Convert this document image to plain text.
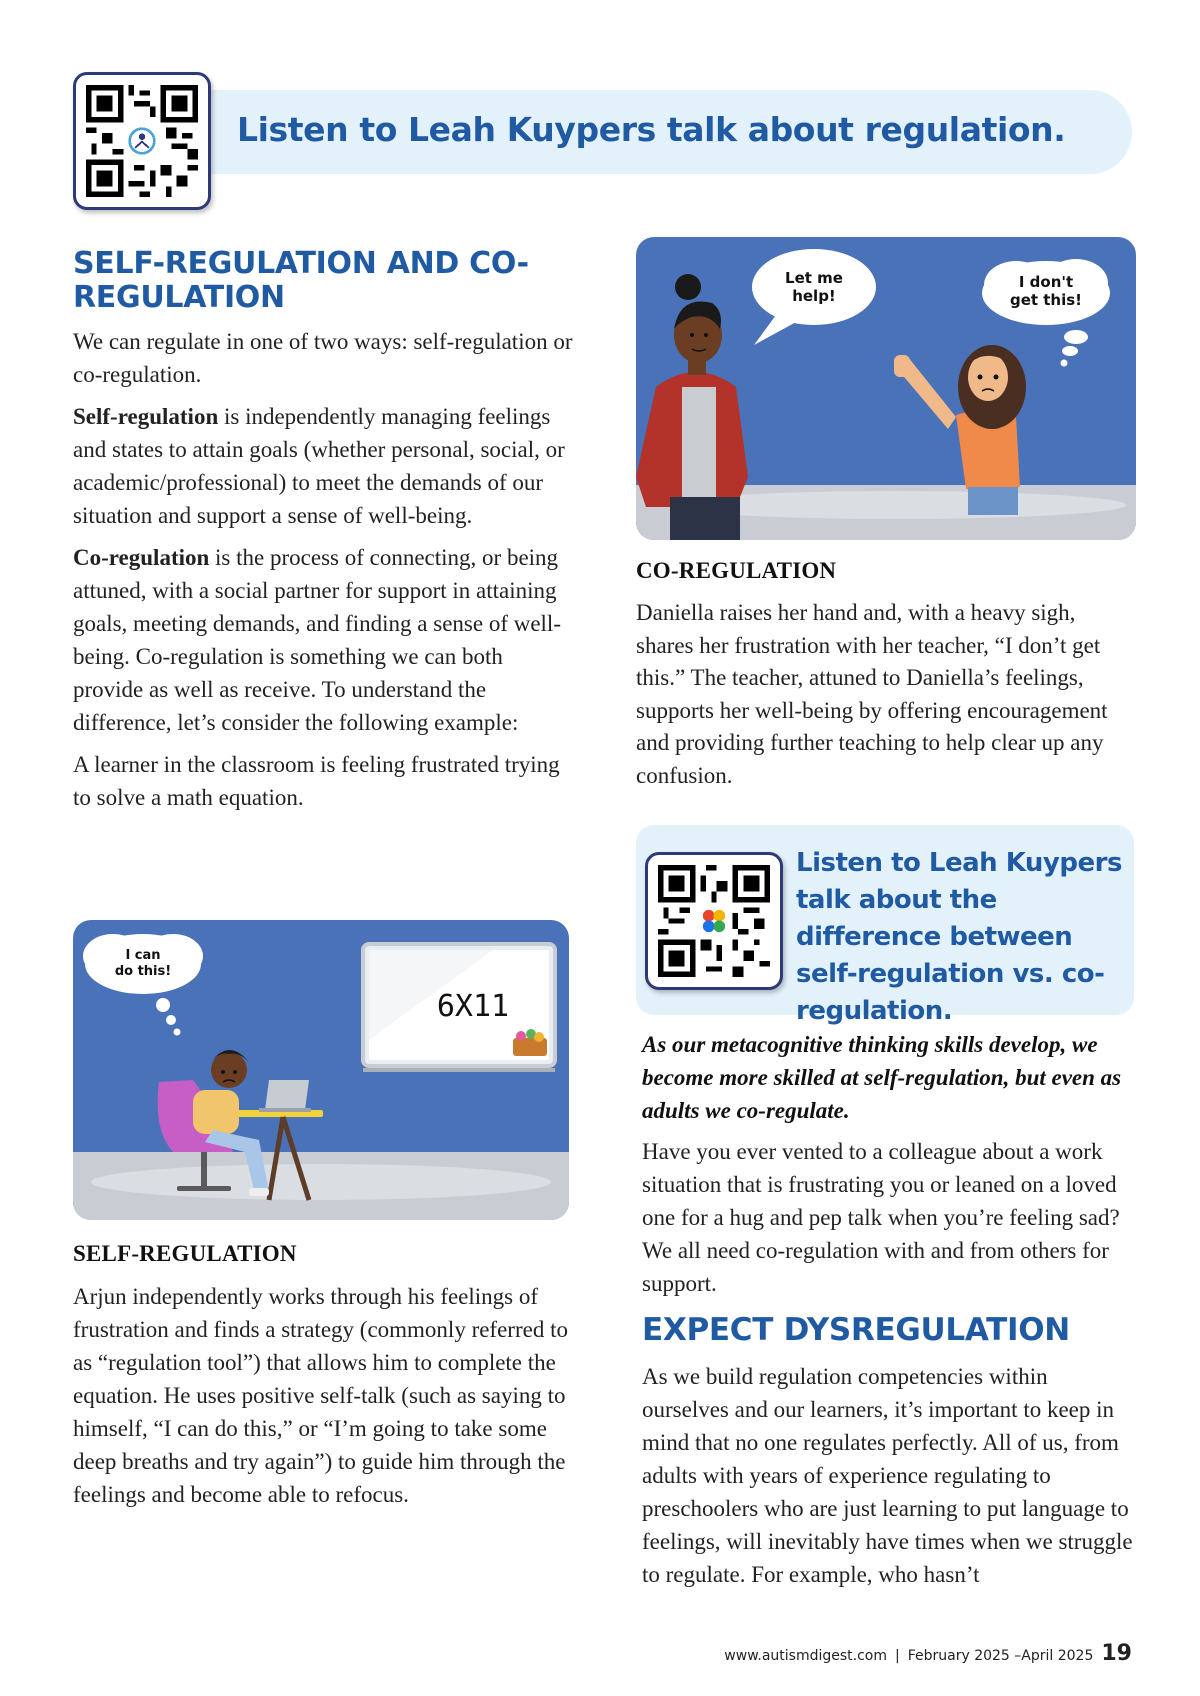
Listen to Leah Kuypers talk about regulation.
SELF-REGULATION AND CO-REGULATION

We can regulate in one of two ways: self-regulation or co-regulation.

Self-regulation is independently managing feelings and states to attain goals (whether personal, social, or academic/professional) to meet the demands of our situation and support a sense of well-being.

Co-regulation is the process of connecting, or being attuned, with a social partner for support in attaining goals, meeting demands, and finding a sense of well-being. Co-regulation is something we can both provide as well as receive. To understand the difference, let’s consider the following example:

A learner in the classroom is feeling frustrated trying to solve a math equation.

6X11
I can
do this!
SELF-REGULATION
Arjun independently works through his feelings of frustration and finds a strategy (commonly referred to as “regulation tool”) that allows him to complete the equation. He uses positive self-talk (such as saying to himself, “I can do this,” or “I’m going to take some deep breaths and try again”) to guide him through the feelings and become able to refocus.
Let me
help!
I don't
get this!
CO-REGULATION
Daniella raises her hand and, with a heavy sigh, shares her frustration with her teacher, “I don’t get this.” The teacher, attuned to Daniella’s feelings, supports her well-being by offering encouragement and providing further teaching to help clear up any confusion.
Listen to Leah Kuypers talk about the difference between self-regulation vs. co-regulation.
As our metacognitive thinking skills develop, we become more skilled at self-regulation, but even as adults we co-regulate.
Have you ever vented to a colleague about a work situation that is frustrating you or leaned on a loved one for a hug and pep talk when you’re feeling sad? We all need co-regulation with and from others for support.
EXPECT DYSREGULATION
As we build regulation competencies within ourselves and our learners, it’s important to keep in mind that no one regulates perfectly. All of us, from adults with years of experience regulating to preschoolers who are just learning to put language to feelings, will inevitably have times when we struggle to regulate. For example, who hasn’t
www.autismdigest.com | February 2025 –April 2025 19
